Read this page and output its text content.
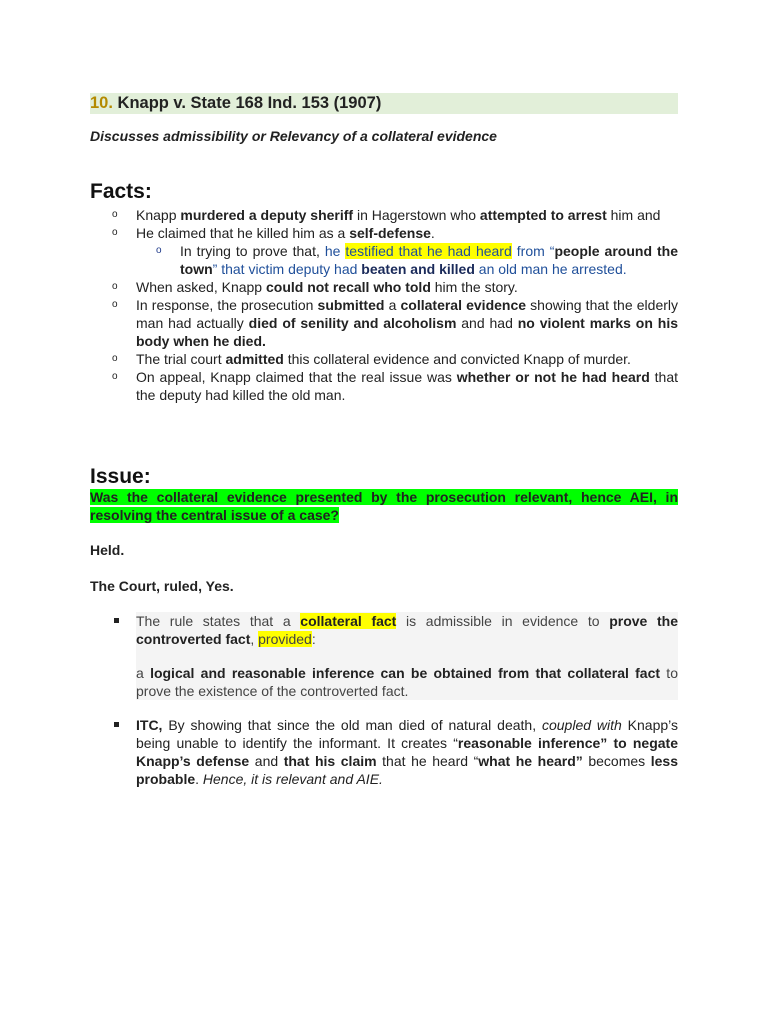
10. Knapp v. State 168 Ind. 153 (1907)
Discusses admissibility or Relevancy of a collateral evidence
Facts:
o Knapp murdered a deputy sheriff in Hagerstown who attempted to arrest him and
o He claimed that he killed him as a self-defense.
o In trying to prove that, he testified that he had heard from “people around the town” that victim deputy had beaten and killed an old man he arrested.
o When asked, Knapp could not recall who told him the story.
o In response, the prosecution submitted a collateral evidence showing that the elderly man had actually died of senility and alcoholism and had no violent marks on his body when he died.
o The trial court admitted this collateral evidence and convicted Knapp of murder.
o On appeal, Knapp claimed that the real issue was whether or not he had heard that the deputy had killed the old man.
Issue:
Was the collateral evidence presented by the prosecution relevant, hence AEI, in resolving the central issue of a case?
Held.
The Court, ruled, Yes.
The rule states that a collateral fact is admissible in evidence to prove the controverted fact, provided:
a logical and reasonable inference can be obtained from that collateral fact to prove the existence of the controverted fact.
ITC, By showing that since the old man died of natural death, coupled with Knapp’s being unable to identify the informant. It creates “reasonable inference” to negate Knapp’s defense and that his claim that he heard “what he heard” becomes less probable. Hence, it is relevant and AIE.
